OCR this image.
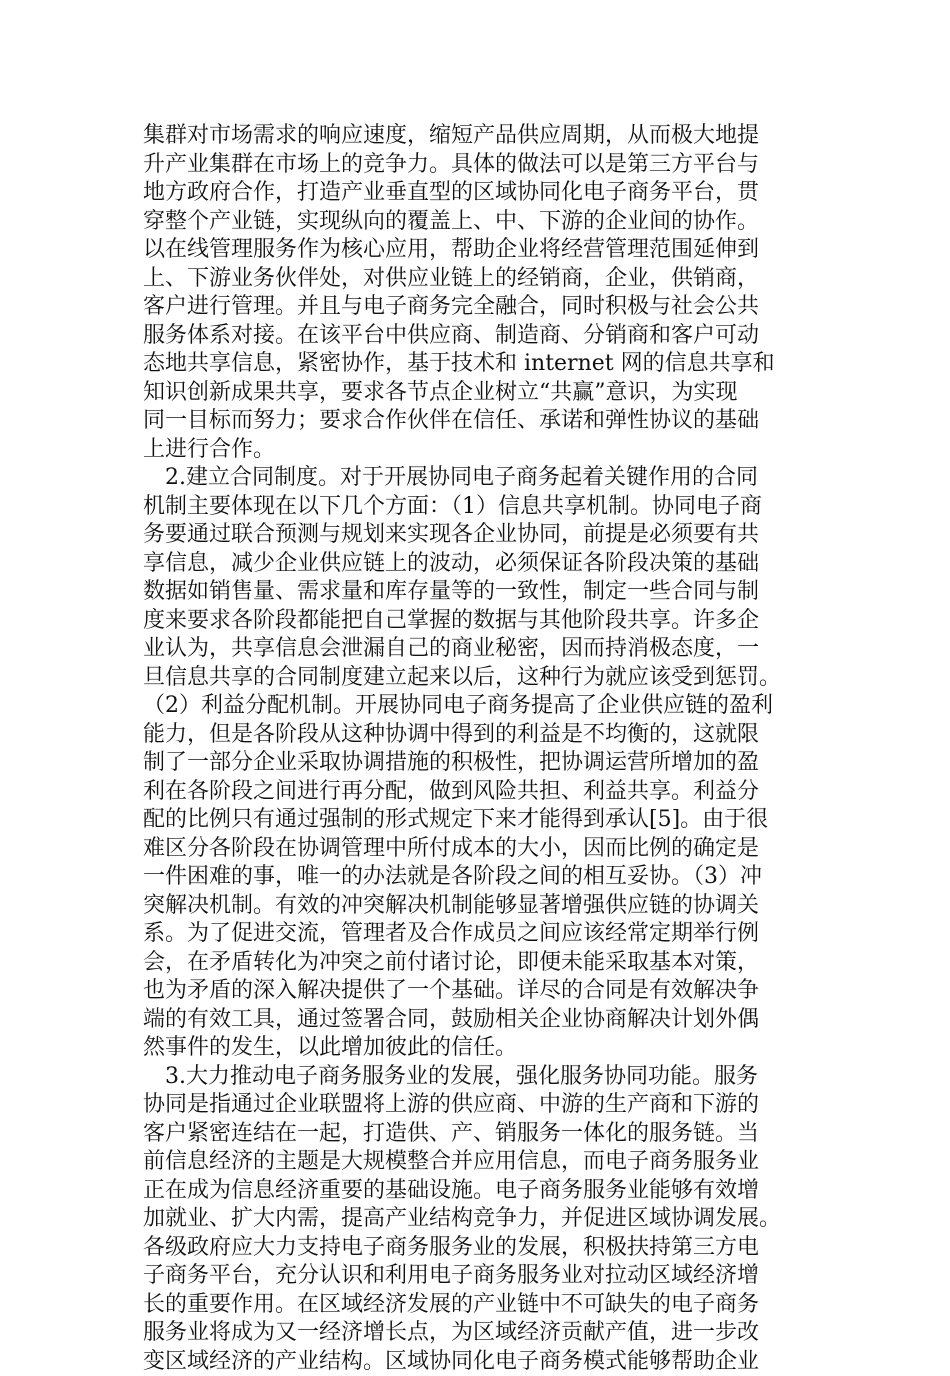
集群对市场需求的响应速度，缩短产品供应周期，从而极大地提
升产业集群在市场上的竞争力。具体的做法可以是第三方平台与
地方政府合作，打造产业垂直型的区域协同化电子商务平台，贯
穿整个产业链，实现纵向的覆盖上、中、下游的企业间的协作。
以在线管理服务作为核心应用，帮助企业将经营管理范围延伸到
上、下游业务伙伴处，对供应业链上的经销商，企业，供销商，
客户进行管理。并且与电子商务完全融合，同时积极与社会公共
服务体系对接。在该平台中供应商、制造商、分销商和客户可动
态地共享信息，紧密协作，基于技术和 internet 网的信息共享和
知识创新成果共享，要求各节点企业树立“共赢”意识，为实现
同一目标而努力；要求合作伙伴在信任、承诺和弹性协议的基础
上进行合作。
2.建立合同制度。对于开展协同电子商务起着关键作用的合同
机制主要体现在以下几个方面：（1）信息共享机制。协同电子商
务要通过联合预测与规划来实现各企业协同，前提是必须要有共
享信息，减少企业供应链上的波动，必须保证各阶段决策的基础
数据如销售量、需求量和库存量等的一致性，制定一些合同与制
度来要求各阶段都能把自己掌握的数据与其他阶段共享。许多企
业认为，共享信息会泄漏自己的商业秘密，因而持消极态度，一
旦信息共享的合同制度建立起来以后，这种行为就应该受到惩罚。
（2）利益分配机制。开展协同电子商务提高了企业供应链的盈利
能力，但是各阶段从这种协调中得到的利益是不均衡的，这就限
制了一部分企业采取协调措施的积极性，把协调运营所增加的盈
利在各阶段之间进行再分配，做到风险共担、利益共享。利益分
配的比例只有通过强制的形式规定下来才能得到承认[5]。由于很
难区分各阶段在协调管理中所付成本的大小，因而比例的确定是
一件困难的事，唯一的办法就是各阶段之间的相互妥协。（3）冲
突解决机制。有效的冲突解决机制能够显著增强供应链的协调关
系。为了促进交流，管理者及合作成员之间应该经常定期举行例
会，在矛盾转化为冲突之前付诸讨论，即便未能采取基本对策，
也为矛盾的深入解决提供了一个基础。详尽的合同是有效解决争
端的有效工具，通过签署合同，鼓励相关企业协商解决计划外偶
然事件的发生，以此增加彼此的信任。
3.大力推动电子商务服务业的发展，强化服务协同功能。服务
协同是指通过企业联盟将上游的供应商、中游的生产商和下游的
客户紧密连结在一起，打造供、产、销服务一体化的服务链。当
前信息经济的主题是大规模整合并应用信息，而电子商务服务业
正在成为信息经济重要的基础设施。电子商务服务业能够有效增
加就业、扩大内需，提高产业结构竞争力，并促进区域协调发展。
各级政府应大力支持电子商务服务业的发展，积极扶持第三方电
子商务平台，充分认识和利用电子商务服务业对拉动区域经济增
长的重要作用。在区域经济发展的产业链中不可缺失的电子商务
服务业将成为又一经济增长点，为区域经济贡献产值，进一步改
变区域经济的产业结构。区域协同化电子商务模式能够帮助企业
